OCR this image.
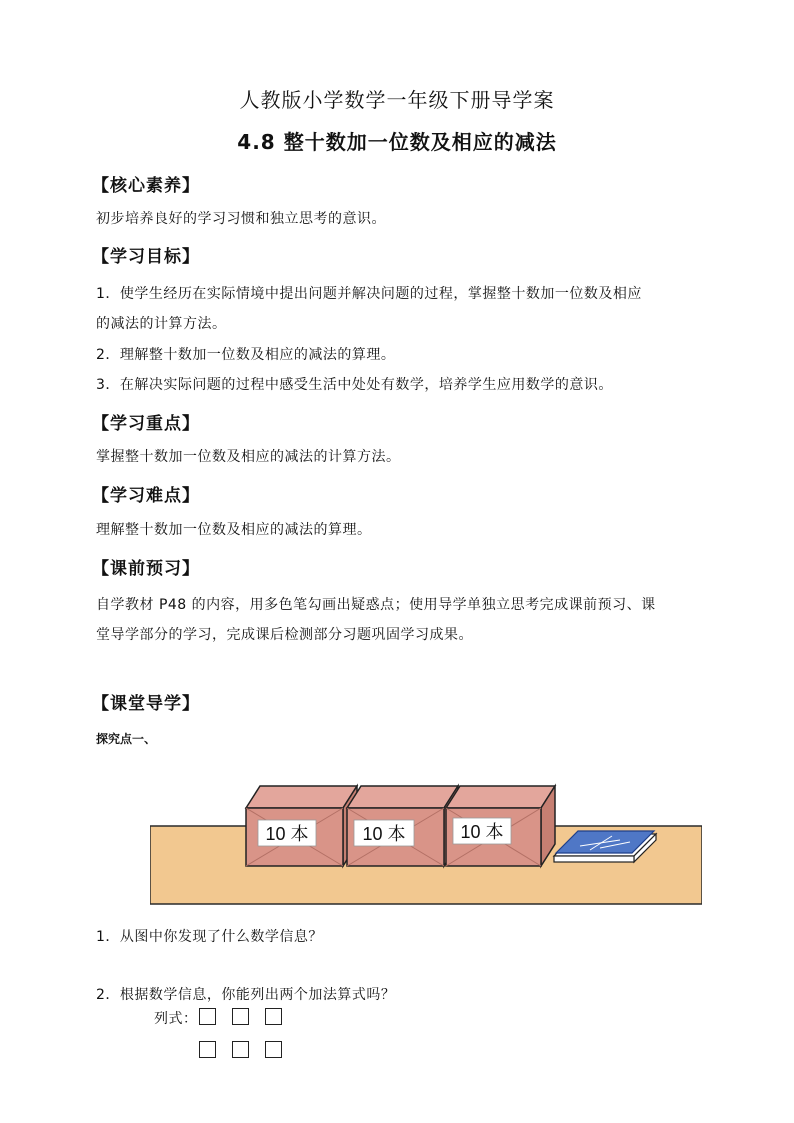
人教版小学数学一年级下册导学案
4.8 整十数加一位数及相应的减法
【核心素养】
初步培养良好的学习习惯和独立思考的意识。
【学习目标】
1．使学生经历在实际情境中提出问题并解决问题的过程，掌握整十数加一位数及相应
的减法的计算方法。
2．理解整十数加一位数及相应的减法的算理。
3．在解决实际问题的过程中感受生活中处处有数学，培养学生应用数学的意识。
【学习重点】
掌握整十数加一位数及相应的减法的计算方法。
【学习难点】
理解整十数加一位数及相应的减法的算理。
【课前预习】
自学教材 P48 的内容，用多色笔勾画出疑惑点；使用导学单独立思考完成课前预习、课
堂导学部分的学习，完成课后检测部分习题巩固学习成果。
【课堂导学】
探究点一、
10 本	10 本	10 本
1．从图中你发现了什么数学信息？
2．根据数学信息，你能列出两个加法算式吗？
列式：
